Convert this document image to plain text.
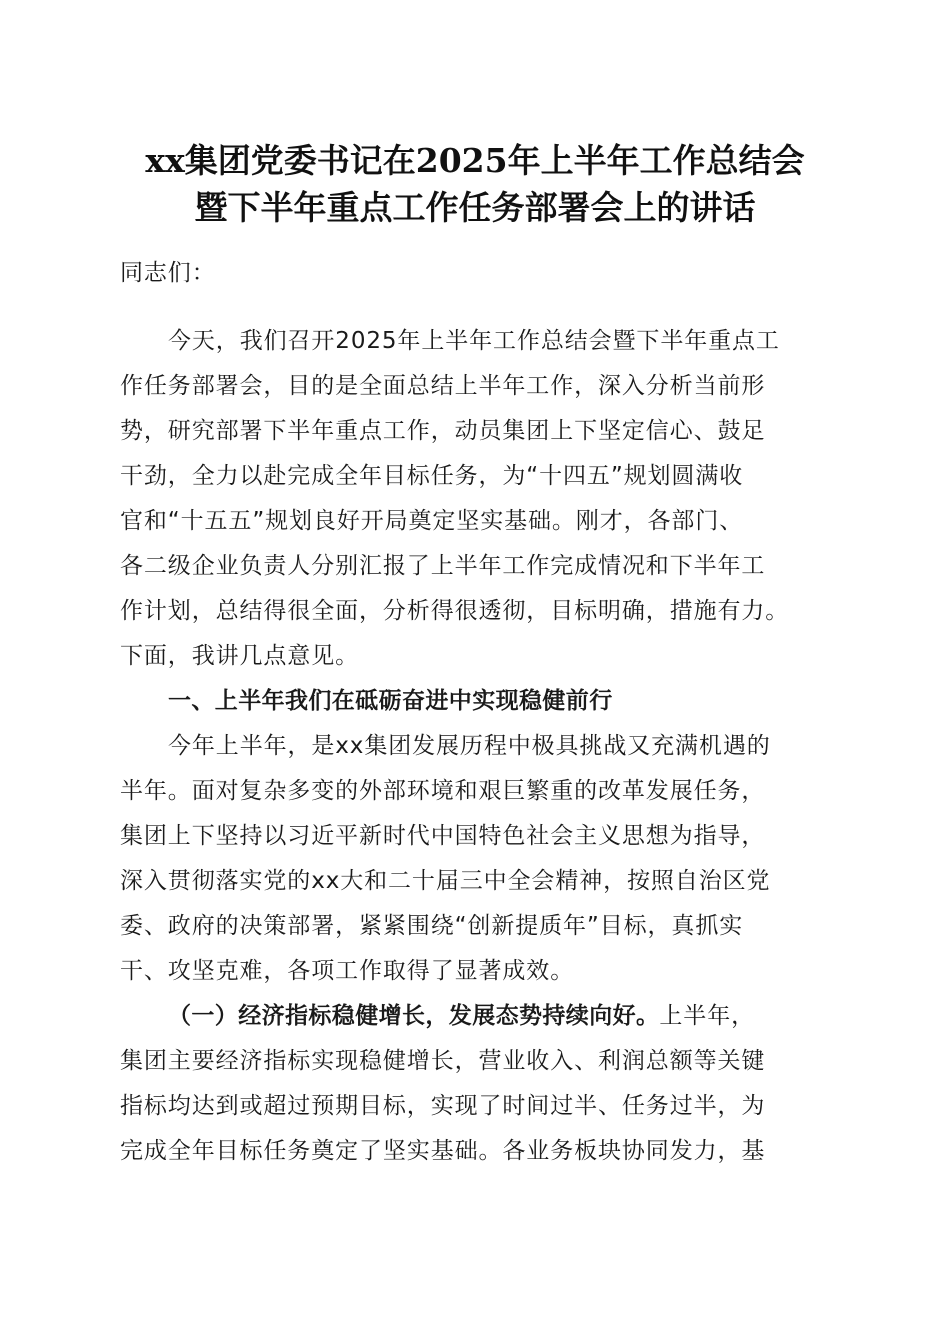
xx集团党委书记在2025年上半年工作总结会
暨下半年重点工作任务部署会上的讲话
同志们：
今天，我们召开2025年上半年工作总结会暨下半年重点工
作任务部署会，目的是全面总结上半年工作，深入分析当前形
势，研究部署下半年重点工作，动员集团上下坚定信心、鼓足
干劲，全力以赴完成全年目标任务，为“十四五”规划圆满收
官和“十五五”规划良好开局奠定坚实基础。刚才，各部门、
各二级企业负责人分别汇报了上半年工作完成情况和下半年工
作计划，总结得很全面，分析得很透彻，目标明确，措施有力。
下面，我讲几点意见。
一、上半年我们在砥砺奋进中实现稳健前行
今年上半年，是xx集团发展历程中极具挑战又充满机遇的
半年。面对复杂多变的外部环境和艰巨繁重的改革发展任务，
集团上下坚持以习近平新时代中国特色社会主义思想为指导，
深入贯彻落实党的xx大和二十届三中全会精神，按照自治区党
委、政府的决策部署，紧紧围绕“创新提质年”目标，真抓实
干、攻坚克难，各项工作取得了显著成效。
（一）经济指标稳健增长，发展态势持续向好。上半年，
集团主要经济指标实现稳健增长，营业收入、利润总额等关键
指标均达到或超过预期目标，实现了时间过半、任务过半，为
完成全年目标任务奠定了坚实基础。各业务板块协同发力，基
